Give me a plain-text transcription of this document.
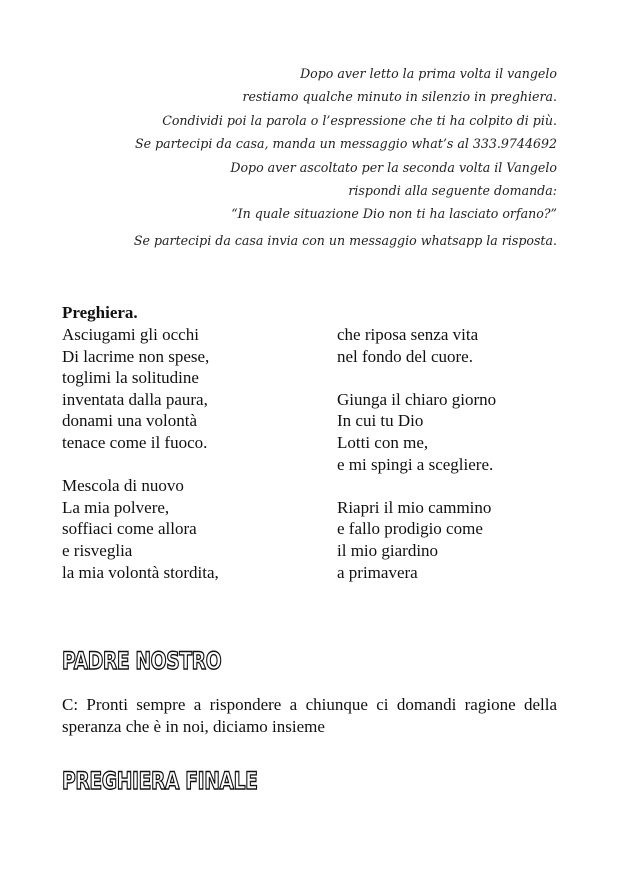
Dopo aver letto la prima volta il vangelo
restiamo qualche minuto in silenzio in preghiera.
Condividi poi la parola o l’espressione che ti ha colpito di più.
Se partecipi da casa, manda un messaggio what’s al 333.9744692
Dopo aver ascoltato per la seconda volta il Vangelo
rispondi alla seguente domanda:
“In quale situazione Dio non ti ha lasciato orfano?”
Se partecipi da casa invia con un messaggio whatsapp la risposta.
Preghiera.
Asciugami gli occhi
Di lacrime non spese,
toglimi la solitudine
inventata dalla paura,
donami una volontà
tenace come il fuoco.
Mescola di nuovo
La mia polvere,
soffiaci come allora
e risveglia
la mia volontà stordita,
che riposa senza vita
nel fondo del cuore.
Giunga il chiaro giorno
In cui tu Dio
Lotti con me,
e mi spingi a scegliere.
Riapri il mio cammino
e fallo prodigio come
il mio giardino
a primavera
PADRE NOSTRO
C: Pronti sempre a rispondere a chiunque ci domandi ragione della speranza che è in noi, diciamo insieme
PREGHIERA FINALE
